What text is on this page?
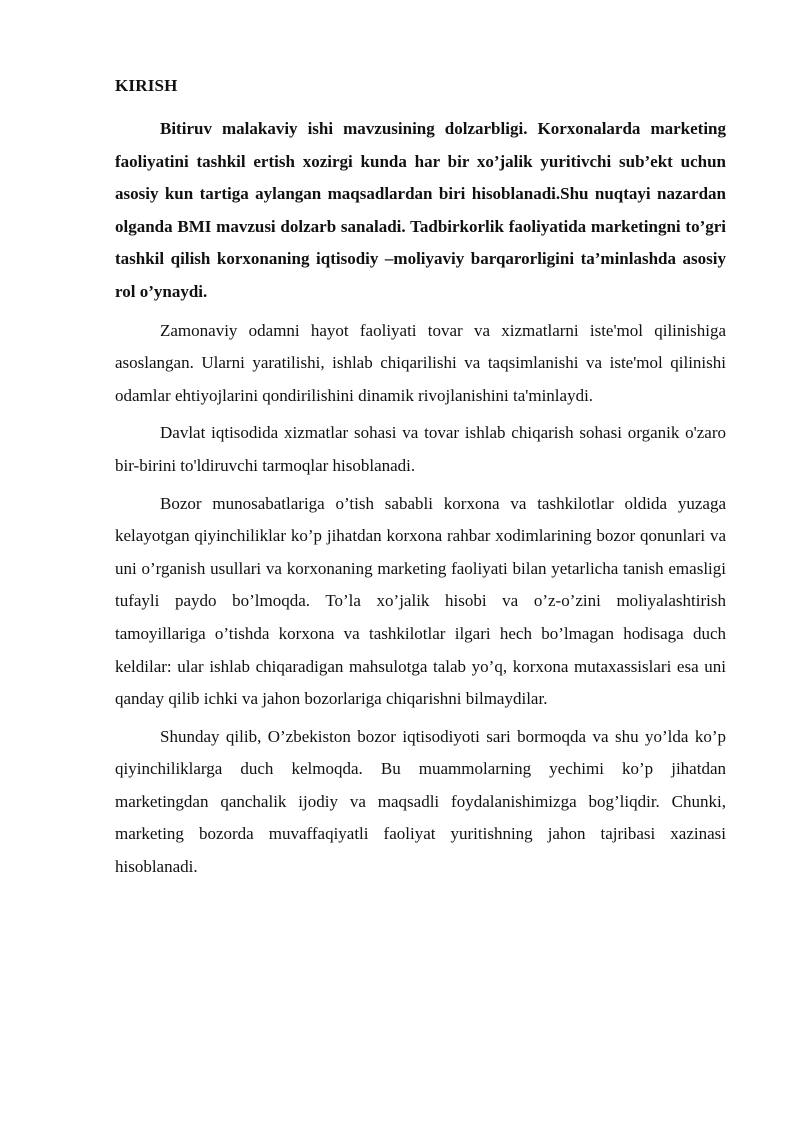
KIRISH

Bitiruv malakaviy ishi mavzusining dolzarbligi. Korxonalarda marketing faoliyatini tashkil ertish xozirgi kunda har bir xo’jalik yuritivchi sub’ekt uchun asosiy kun tartiga aylangan maqsadlardan biri hisoblanadi.Shu nuqtayi nazardan olganda BMI mavzusi dolzarb sanaladi. Tadbirkorlik faoliyatida marketingni to’gri tashkil qilish korxonaning iqtisodiy –moliyaviy barqarorligini ta’minlashda asosiy rol o’ynaydi.

Zamonaviy odamni hayot faoliyati tovar va xizmatlarni iste'mol qilinishiga asoslangan. Ularni yaratilishi, ishlab chiqarilishi va taqsimlanishi va iste'mol qilinishi odamlar ehtiyojlarini qondirilishini dinamik rivojlanishini ta'minlaydi.

Davlat iqtisodida xizmatlar sohasi va tovar ishlab chiqarish sohasi organik o'zaro bir-birini to'ldiruvchi tarmoqlar hisoblanadi.

Bozor munosabatlariga o’tish sababli korxona va tashkilotlar oldida yuzaga kelayotgan qiyinchiliklar ko’p jihatdan korxona rahbar xodimlarining bozor qonunlari va uni o’rganish usullari va korxonaning marketing faoliyati bilan yetarlicha tanish emasligi tufayli paydo bo’lmoqda. To’la xo’jalik hisobi va o’z-o’zini moliyalashtirish tamoyillariga o’tishda korxona va tashkilotlar ilgari hech bo’lmagan hodisaga duch keldilar: ular ishlab chiqaradigan mahsulotga talab yo’q, korxona mutaxassislari esa uni qanday qilib ichki va jahon bozorlariga chiqarishni bilmaydilar.

Shunday qilib, O’zbekiston bozor iqtisodiyoti sari bormoqda va shu yo’lda ko’p qiyinchiliklarga duch kelmoqda. Bu muammolarning yechimi ko’p jihatdan marketingdan qanchalik ijodiy va maqsadli foydalanishimizga bog’liqdir. Chunki, marketing bozorda muvaffaqiyatli faoliyat yuritishning jahon tajribasi xazinasi hisoblanadi.
